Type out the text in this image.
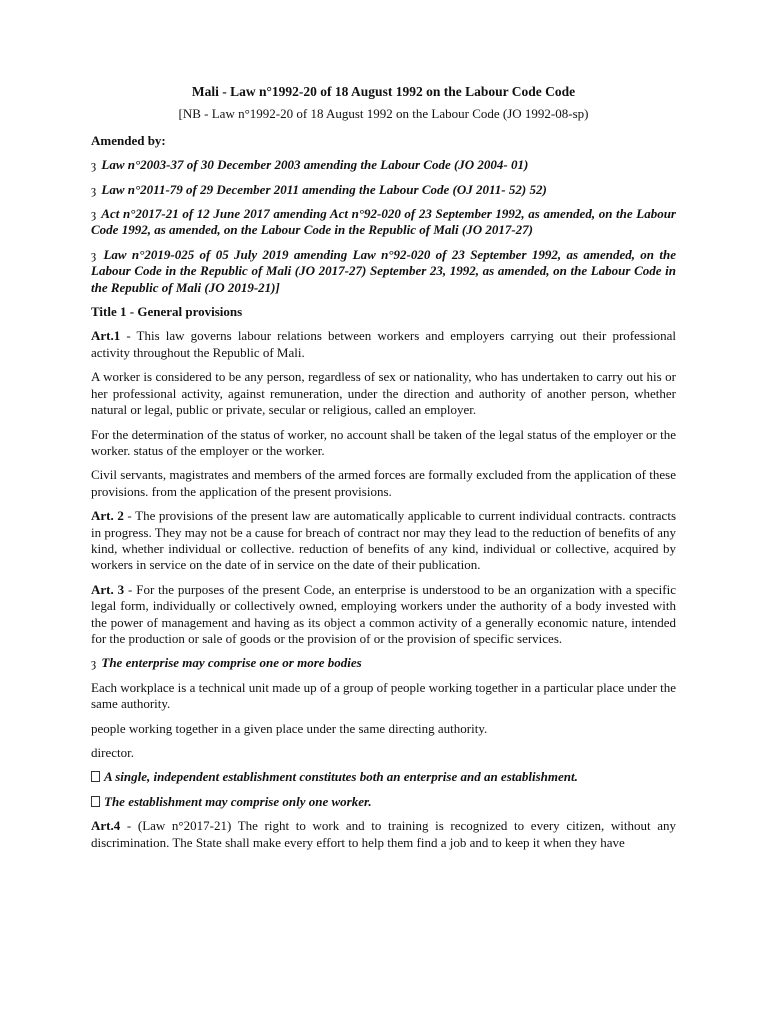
Mali - Law n°1992-20 of 18 August 1992 on the Labour Code Code
[NB - Law n°1992-20 of 18 August 1992 on the Labour Code (JO 1992-08-sp)
Amended by:
ȝ Law n°2003-37 of 30 December 2003 amending the Labour Code (JO 2004- 01)
ȝ Law n°2011-79 of 29 December 2011 amending the Labour Code (OJ 2011- 52) 52)
ȝ Act n°2017-21 of 12 June 2017 amending Act n°92-020 of 23 September 1992, as amended, on the Labour Code 1992, as amended, on the Labour Code in the Republic of Mali (JO 2017-27)
ȝ Law n°2019-025 of 05 July 2019 amending Law n°92-020 of 23 September 1992, as amended, on the Labour Code in the Republic of Mali (JO 2017-27) September 23, 1992, as amended, on the Labour Code in the Republic of Mali (JO 2019-21)]
Title 1 - General provisions
Art.1 - This law governs labour relations between workers and employers carrying out their professional activity throughout the Republic of Mali.
A worker is considered to be any person, regardless of sex or nationality, who has undertaken to carry out his or her professional activity, against remuneration, under the direction and authority of another person, whether natural or legal, public or private, secular or religious, called an employer.
For the determination of the status of worker, no account shall be taken of the legal status of the employer or the worker. status of the employer or the worker.
Civil servants, magistrates and members of the armed forces are formally excluded from the application of these provisions. from the application of the present provisions.
Art. 2 - The provisions of the present law are automatically applicable to current individual contracts. contracts in progress. They may not be a cause for breach of contract nor may they lead to the reduction of benefits of any kind, whether individual or collective. reduction of benefits of any kind, individual or collective, acquired by workers in service on the date of in service on the date of their publication.
Art. 3 - For the purposes of the present Code, an enterprise is understood to be an organization with a specific legal form, individually or collectively owned, employing workers under the authority of a body invested with the power of management and having as its object a common activity of a generally economic nature, intended for the production or sale of goods or the provision of or the provision of specific services.
ȝ The enterprise may comprise one or more bodies
Each workplace is a technical unit made up of a group of people working together in a particular place under the same authority.
people working together in a given place under the same directing authority.
director.
A single, independent establishment constitutes both an enterprise and an establishment.
The establishment may comprise only one worker.
Art.4 - (Law n°2017-21) The right to work and to training is recognized to every citizen, without any discrimination. The State shall make every effort to help them find a job and to keep it when they have
